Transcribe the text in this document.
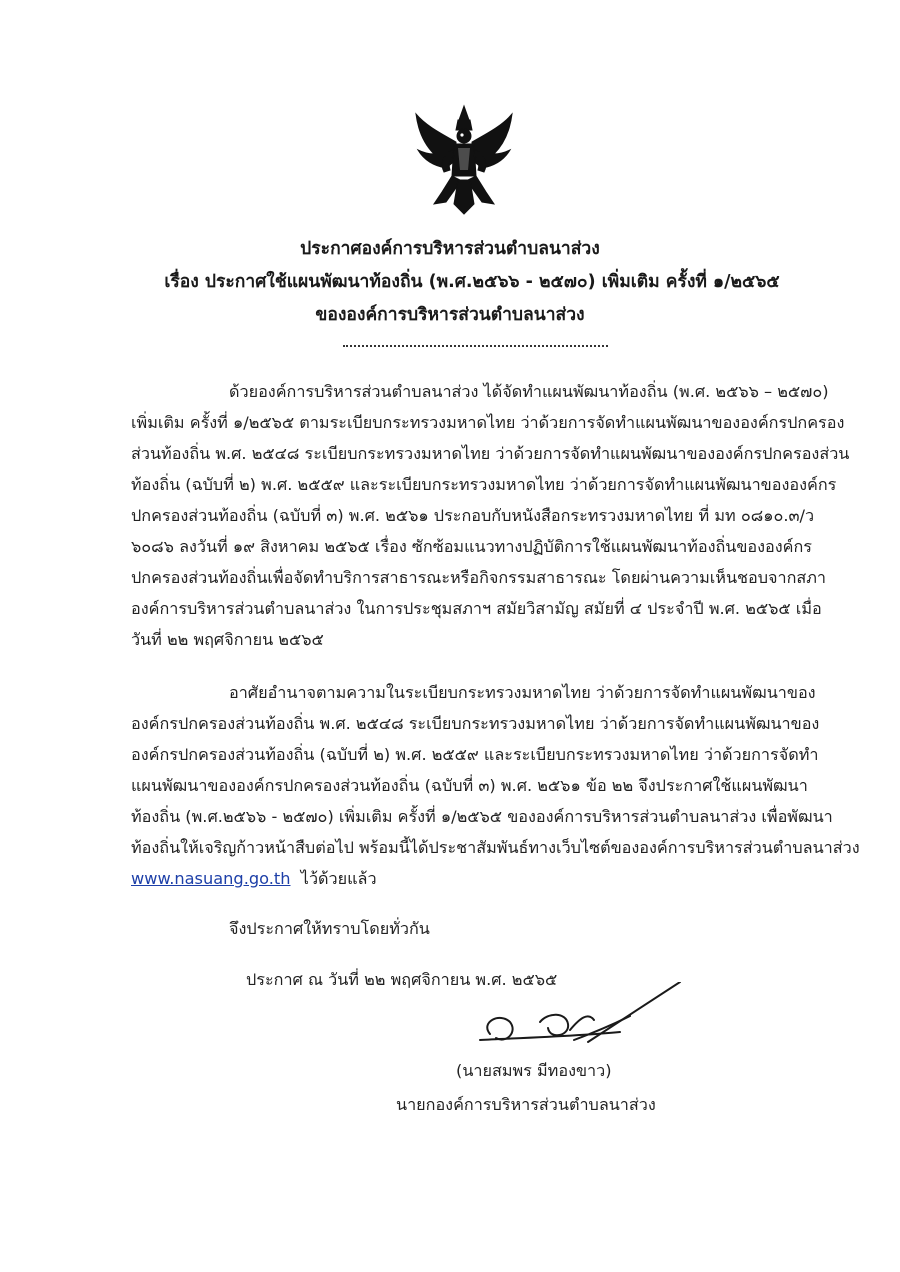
ประกาศองค์การบริหารส่วนตำบลนาส่วง
เรื่อง ประกาศใช้แผนพัฒนาท้องถิ่น (พ.ศ.๒๕๖๖ - ๒๕๗๐) เพิ่มเติม ครั้งที่ ๑/๒๕๖๕
ขององค์การบริหารส่วนตำบลนาส่วง
ด้วยองค์การบริหารส่วนตำบลนาส่วง ได้จัดทำแผนพัฒนาท้องถิ่น (พ.ศ. ๒๕๖๖ – ๒๕๗๐)
เพิ่มเติม ครั้งที่ ๑/๒๕๖๕ ตามระเบียบกระทรวงมหาดไทย ว่าด้วยการจัดทำแผนพัฒนาขององค์กรปกครอง
ส่วนท้องถิ่น พ.ศ. ๒๕๔๘ ระเบียบกระทรวงมหาดไทย ว่าด้วยการจัดทำแผนพัฒนาขององค์กรปกครองส่วน
ท้องถิ่น (ฉบับที่ ๒) พ.ศ. ๒๕๕๙ และระเบียบกระทรวงมหาดไทย ว่าด้วยการจัดทำแผนพัฒนาขององค์กร
ปกครองส่วนท้องถิ่น (ฉบับที่ ๓) พ.ศ. ๒๕๖๑ ประกอบกับหนังสือกระทรวงมหาดไทย ที่ มท ๐๘๑๐.๓/ว
๖๐๘๖ ลงวันที่ ๑๙ สิงหาคม ๒๕๖๕ เรื่อง ซักซ้อมแนวทางปฏิบัติการใช้แผนพัฒนาท้องถิ่นขององค์กร
ปกครองส่วนท้องถิ่นเพื่อจัดทำบริการสาธารณะหรือกิจกรรมสาธารณะ โดยผ่านความเห็นชอบจากสภา
องค์การบริหารส่วนตำบลนาส่วง ในการประชุมสภาฯ สมัยวิสามัญ สมัยที่ ๔ ประจำปี พ.ศ. ๒๕๖๕ เมื่อ
วันที่ ๒๒ พฤศจิกายน ๒๕๖๕
อาศัยอำนาจตามความในระเบียบกระทรวงมหาดไทย ว่าด้วยการจัดทำแผนพัฒนาของ
องค์กรปกครองส่วนท้องถิ่น พ.ศ. ๒๕๔๘ ระเบียบกระทรวงมหาดไทย ว่าด้วยการจัดทำแผนพัฒนาของ
องค์กรปกครองส่วนท้องถิ่น (ฉบับที่ ๒) พ.ศ. ๒๕๕๙ และระเบียบกระทรวงมหาดไทย ว่าด้วยการจัดทำ
แผนพัฒนาขององค์กรปกครองส่วนท้องถิ่น (ฉบับที่ ๓) พ.ศ. ๒๕๖๑ ข้อ ๒๒ จึงประกาศใช้แผนพัฒนา
ท้องถิ่น (พ.ศ.๒๕๖๖ - ๒๕๗๐) เพิ่มเติม ครั้งที่ ๑/๒๕๖๕ ขององค์การบริหารส่วนตำบลนาส่วง เพื่อพัฒนา
ท้องถิ่นให้เจริญก้าวหน้าสืบต่อไป พร้อมนี้ได้ประชาสัมพันธ์ทางเว็บไซต์ขององค์การบริหารส่วนตำบลนาส่วง
www.nasuang.go.th ไว้ด้วยแล้ว
จึงประกาศให้ทราบโดยทั่วกัน
ประกาศ ณ วันที่ ๒๒ พฤศจิกายน พ.ศ. ๒๕๖๕
(นายสมพร มีทองขาว)
นายกองค์การบริหารส่วนตำบลนาส่วง
